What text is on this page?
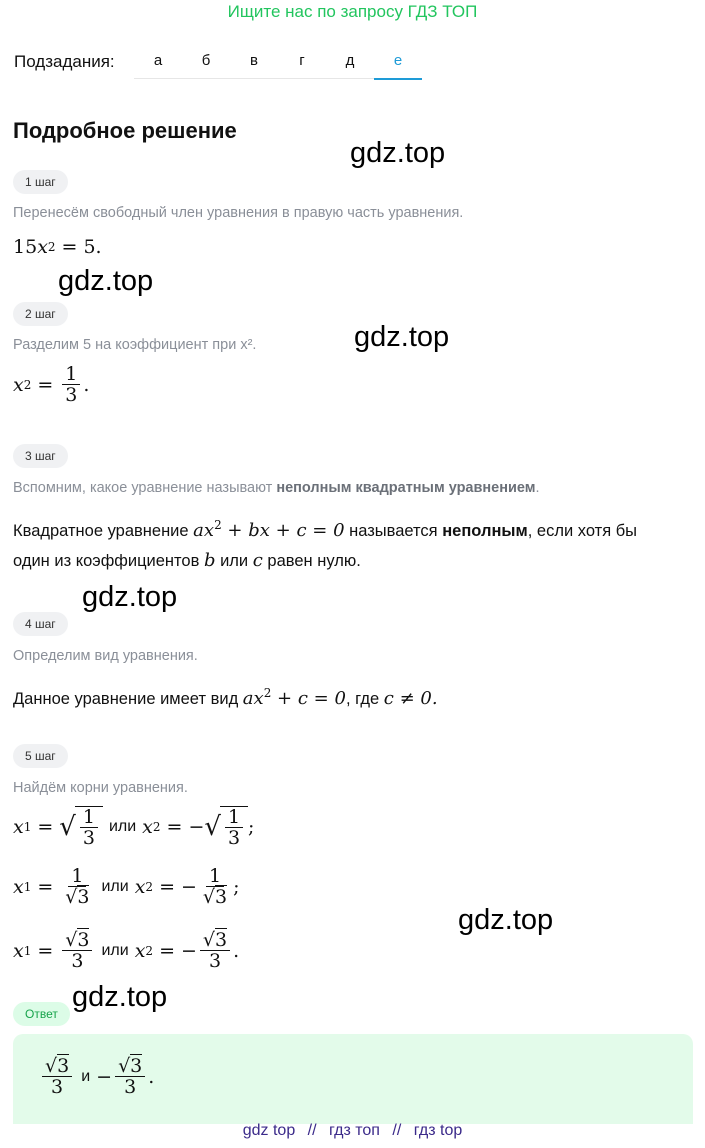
Ищите нас по запросу ГДЗ ТОП
Подзадания:	а	б	в	г	д	е
Подробное решение
gdz.top
gdz.top
gdz.top
gdz.top
gdz.top
gdz.top
1 шаг
Перенесём свободный член уравнения в правую часть уравнения.
15 x 2 = 5.
2 шаг
Разделим 5 на коэффициент при x².
x $2 = \frac{1}{3}$ .
3 шаг
Вспомним, какое уравнение называют неполным квадратным уравнением.
Квадратное уравнение $ax^2$ + bx + c = 0 называется неполным, если хотя бы
один из коэффициентов b или c равен нулю.
4 шаг
Определим вид уравнения.
Данное уравнение имеет вид $ax^2 + c = 0$, где c ≠ 0.
5 шаг
Найдём корни уравнения.
x 1 = √ $\frac{1}{3}$ или x 2 = − √ $\frac{1}{3}$ ;
x $1 = \frac{1}{√3}$ или x 2 = − $\frac{1}{√3}$ ;
x $1 = \frac{√3}{3}$ или x 2 = − $\frac{√3}{3}$ .
Ответ
$\frac{√3}{3}$ $и - \frac{√3}{3}$ .
gdz top // гдз топ // гдз top
